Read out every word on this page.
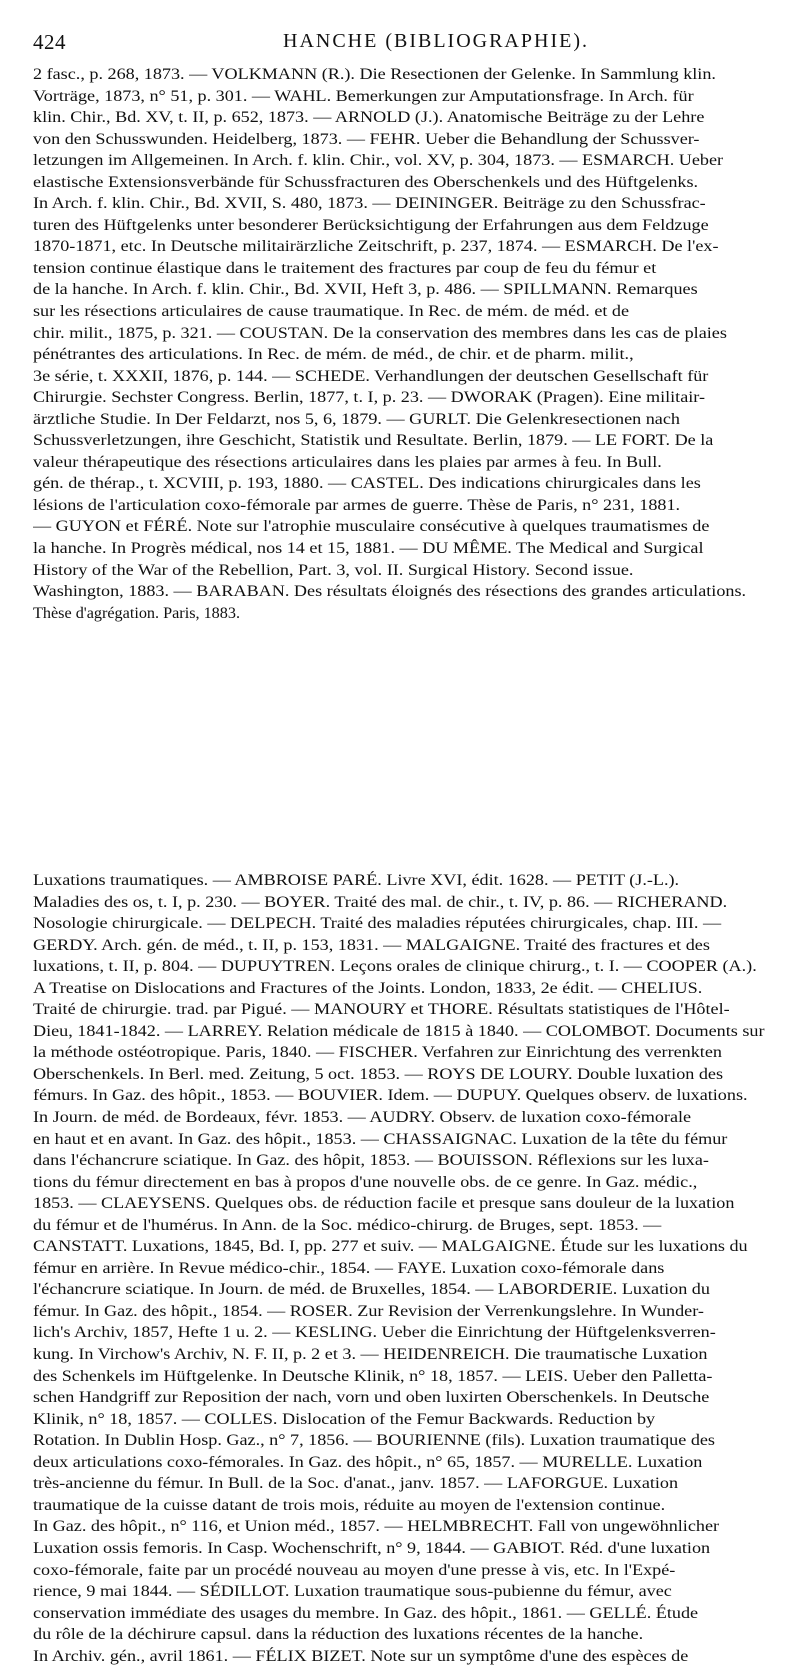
424	HANCHE (BIBLIOGRAPHIE).
2 fasc., p. 268, 1873. — VOLKMANN (R.). Die Resectionen der Gelenke. In Sammlung klin.
Vorträge, 1873, n° 51, p. 301. — WAHL. Bemerkungen zur Amputationsfrage. In Arch. für
klin. Chir., Bd. XV, t. II, p. 652, 1873. — ARNOLD (J.). Anatomische Beiträge zu der Lehre
von den Schusswunden. Heidelberg, 1873. — FEHR. Ueber die Behandlung der Schussver-
letzungen im Allgemeinen. In Arch. f. klin. Chir., vol. XV, p. 304, 1873. — ESMARCH. Ueber
elastische Extensionsverbände für Schussfracturen des Oberschenkels und des Hüftgelenks.
In Arch. f. klin. Chir., Bd. XVII, S. 480, 1873. — DEININGER. Beiträge zu den Schussfrac-
turen des Hüftgelenks unter besonderer Berücksichtigung der Erfahrungen aus dem Feldzuge
1870-1871, etc. In Deutsche militairärzliche Zeitschrift, p. 237, 1874. — ESMARCH. De l'ex-
tension continue élastique dans le traitement des fractures par coup de feu du fémur et
de la hanche. In Arch. f. klin. Chir., Bd. XVII, Heft 3, p. 486. — SPILLMANN. Remarques
sur les résections articulaires de cause traumatique. In Rec. de mém. de méd. et de
chir. milit., 1875, p. 321. — COUSTAN. De la conservation des membres dans les cas de plaies
pénétrantes des articulations. In Rec. de mém. de méd., de chir. et de pharm. milit.,
3e série, t. XXXII, 1876, p. 144. — SCHEDE. Verhandlungen der deutschen Gesellschaft für
Chirurgie. Sechster Congress. Berlin, 1877, t. I, p. 23. — DWORAK (Pragen). Eine militair-
ärztliche Studie. In Der Feldarzt, nos 5, 6, 1879. — GURLT. Die Gelenkresectionen nach
Schussverletzungen, ihre Geschicht, Statistik und Resultate. Berlin, 1879. — LE FORT. De la
valeur thérapeutique des résections articulaires dans les plaies par armes à feu. In Bull.
gén. de thérap., t. XCVIII, p. 193, 1880. — CASTEL. Des indications chirurgicales dans les
lésions de l'articulation coxo-fémorale par armes de guerre. Thèse de Paris, n° 231, 1881.
— GUYON et FÉRÉ. Note sur l'atrophie musculaire consécutive à quelques traumatismes de
la hanche. In Progrès médical, nos 14 et 15, 1881. — DU MÊME. The Medical and Surgical
History of the War of the Rebellion, Part. 3, vol. II. Surgical History. Second issue.
Washington, 1883. — BARABAN. Des résultats éloignés des résections des grandes articulations.
Thèse d'agrégation. Paris, 1883.
Luxations traumatiques. — AMBROISE PARÉ. Livre XVI, édit. 1628. — PETIT (J.-L.).
Maladies des os, t. I, p. 230. — BOYER. Traité des mal. de chir., t. IV, p. 86. — RICHERAND.
Nosologie chirurgicale. — DELPECH. Traité des maladies réputées chirurgicales, chap. III. —
GERDY. Arch. gén. de méd., t. II, p. 153, 1831. — MALGAIGNE. Traité des fractures et des
luxations, t. II, p. 804. — DUPUYTREN. Leçons orales de clinique chirurg., t. I. — COOPER (A.).
A Treatise on Dislocations and Fractures of the Joints. London, 1833, 2e édit. — CHELIUS.
Traité de chirurgie. trad. par Pigué. — MANOURY et THORE. Résultats statistiques de l'Hôtel-
Dieu, 1841-1842. — LARREY. Relation médicale de 1815 à 1840. — COLOMBOT. Documents sur
la méthode ostéotropique. Paris, 1840. — FISCHER. Verfahren zur Einrichtung des verrenkten
Oberschenkels. In Berl. med. Zeitung, 5 oct. 1853. — ROYS DE LOURY. Double luxation des
fémurs. In Gaz. des hôpit., 1853. — BOUVIER. Idem. — DUPUY. Quelques observ. de luxations.
In Journ. de méd. de Bordeaux, févr. 1853. — AUDRY. Observ. de luxation coxo-fémorale
en haut et en avant. In Gaz. des hôpit., 1853. — CHASSAIGNAC. Luxation de la tête du fémur
dans l'échancrure sciatique. In Gaz. des hôpit, 1853. — BOUISSON. Réflexions sur les luxa-
tions du fémur directement en bas à propos d'une nouvelle obs. de ce genre. In Gaz. médic.,
1853. — CLAEYSENS. Quelques obs. de réduction facile et presque sans douleur de la luxation
du fémur et de l'humérus. In Ann. de la Soc. médico-chirurg. de Bruges, sept. 1853. —
CANSTATT. Luxations, 1845, Bd. I, pp. 277 et suiv. — MALGAIGNE. Étude sur les luxations du
fémur en arrière. In Revue médico-chir., 1854. — FAYE. Luxation coxo-fémorale dans
l'échancrure sciatique. In Journ. de méd. de Bruxelles, 1854. — LABORDERIE. Luxation du
fémur. In Gaz. des hôpit., 1854. — ROSER. Zur Revision der Verrenkungslehre. In Wunder-
lich's Archiv, 1857, Hefte 1 u. 2. — KESLING. Ueber die Einrichtung der Hüftgelenksverren-
kung. In Virchow's Archiv, N. F. II, p. 2 et 3. — HEIDENREICH. Die traumatische Luxation
des Schenkels im Hüftgelenke. In Deutsche Klinik, n° 18, 1857. — LEIS. Ueber den Palletta-
schen Handgriff zur Reposition der nach, vorn und oben luxirten Oberschenkels. In Deutsche
Klinik, n° 18, 1857. — COLLES. Dislocation of the Femur Backwards. Reduction by
Rotation. In Dublin Hosp. Gaz., n° 7, 1856. — BOURIENNE (fils). Luxation traumatique des
deux articulations coxo-fémorales. In Gaz. des hôpit., n° 65, 1857. — MURELLE. Luxation
très-ancienne du fémur. In Bull. de la Soc. d'anat., janv. 1857. — LAFORGUE. Luxation
traumatique de la cuisse datant de trois mois, réduite au moyen de l'extension continue.
In Gaz. des hôpit., n° 116, et Union méd., 1857. — HELMBRECHT. Fall von ungewöhnlicher
Luxation ossis femoris. In Casp. Wochenschrift, n° 9, 1844. — GABIOT. Réd. d'une luxation
coxo-fémorale, faite par un procédé nouveau au moyen d'une presse à vis, etc. In l'Expé-
rience, 9 mai 1844. — SÉDILLOT. Luxation traumatique sous-pubienne du fémur, avec
conservation immédiate des usages du membre. In Gaz. des hôpit., 1861. — GELLÉ. Étude
du rôle de la déchirure capsul. dans la réduction des luxations récentes de la hanche.
In Archiv. gén., avril 1861. — FÉLIX BIZET. Note sur un symptôme d'une des espèces de
